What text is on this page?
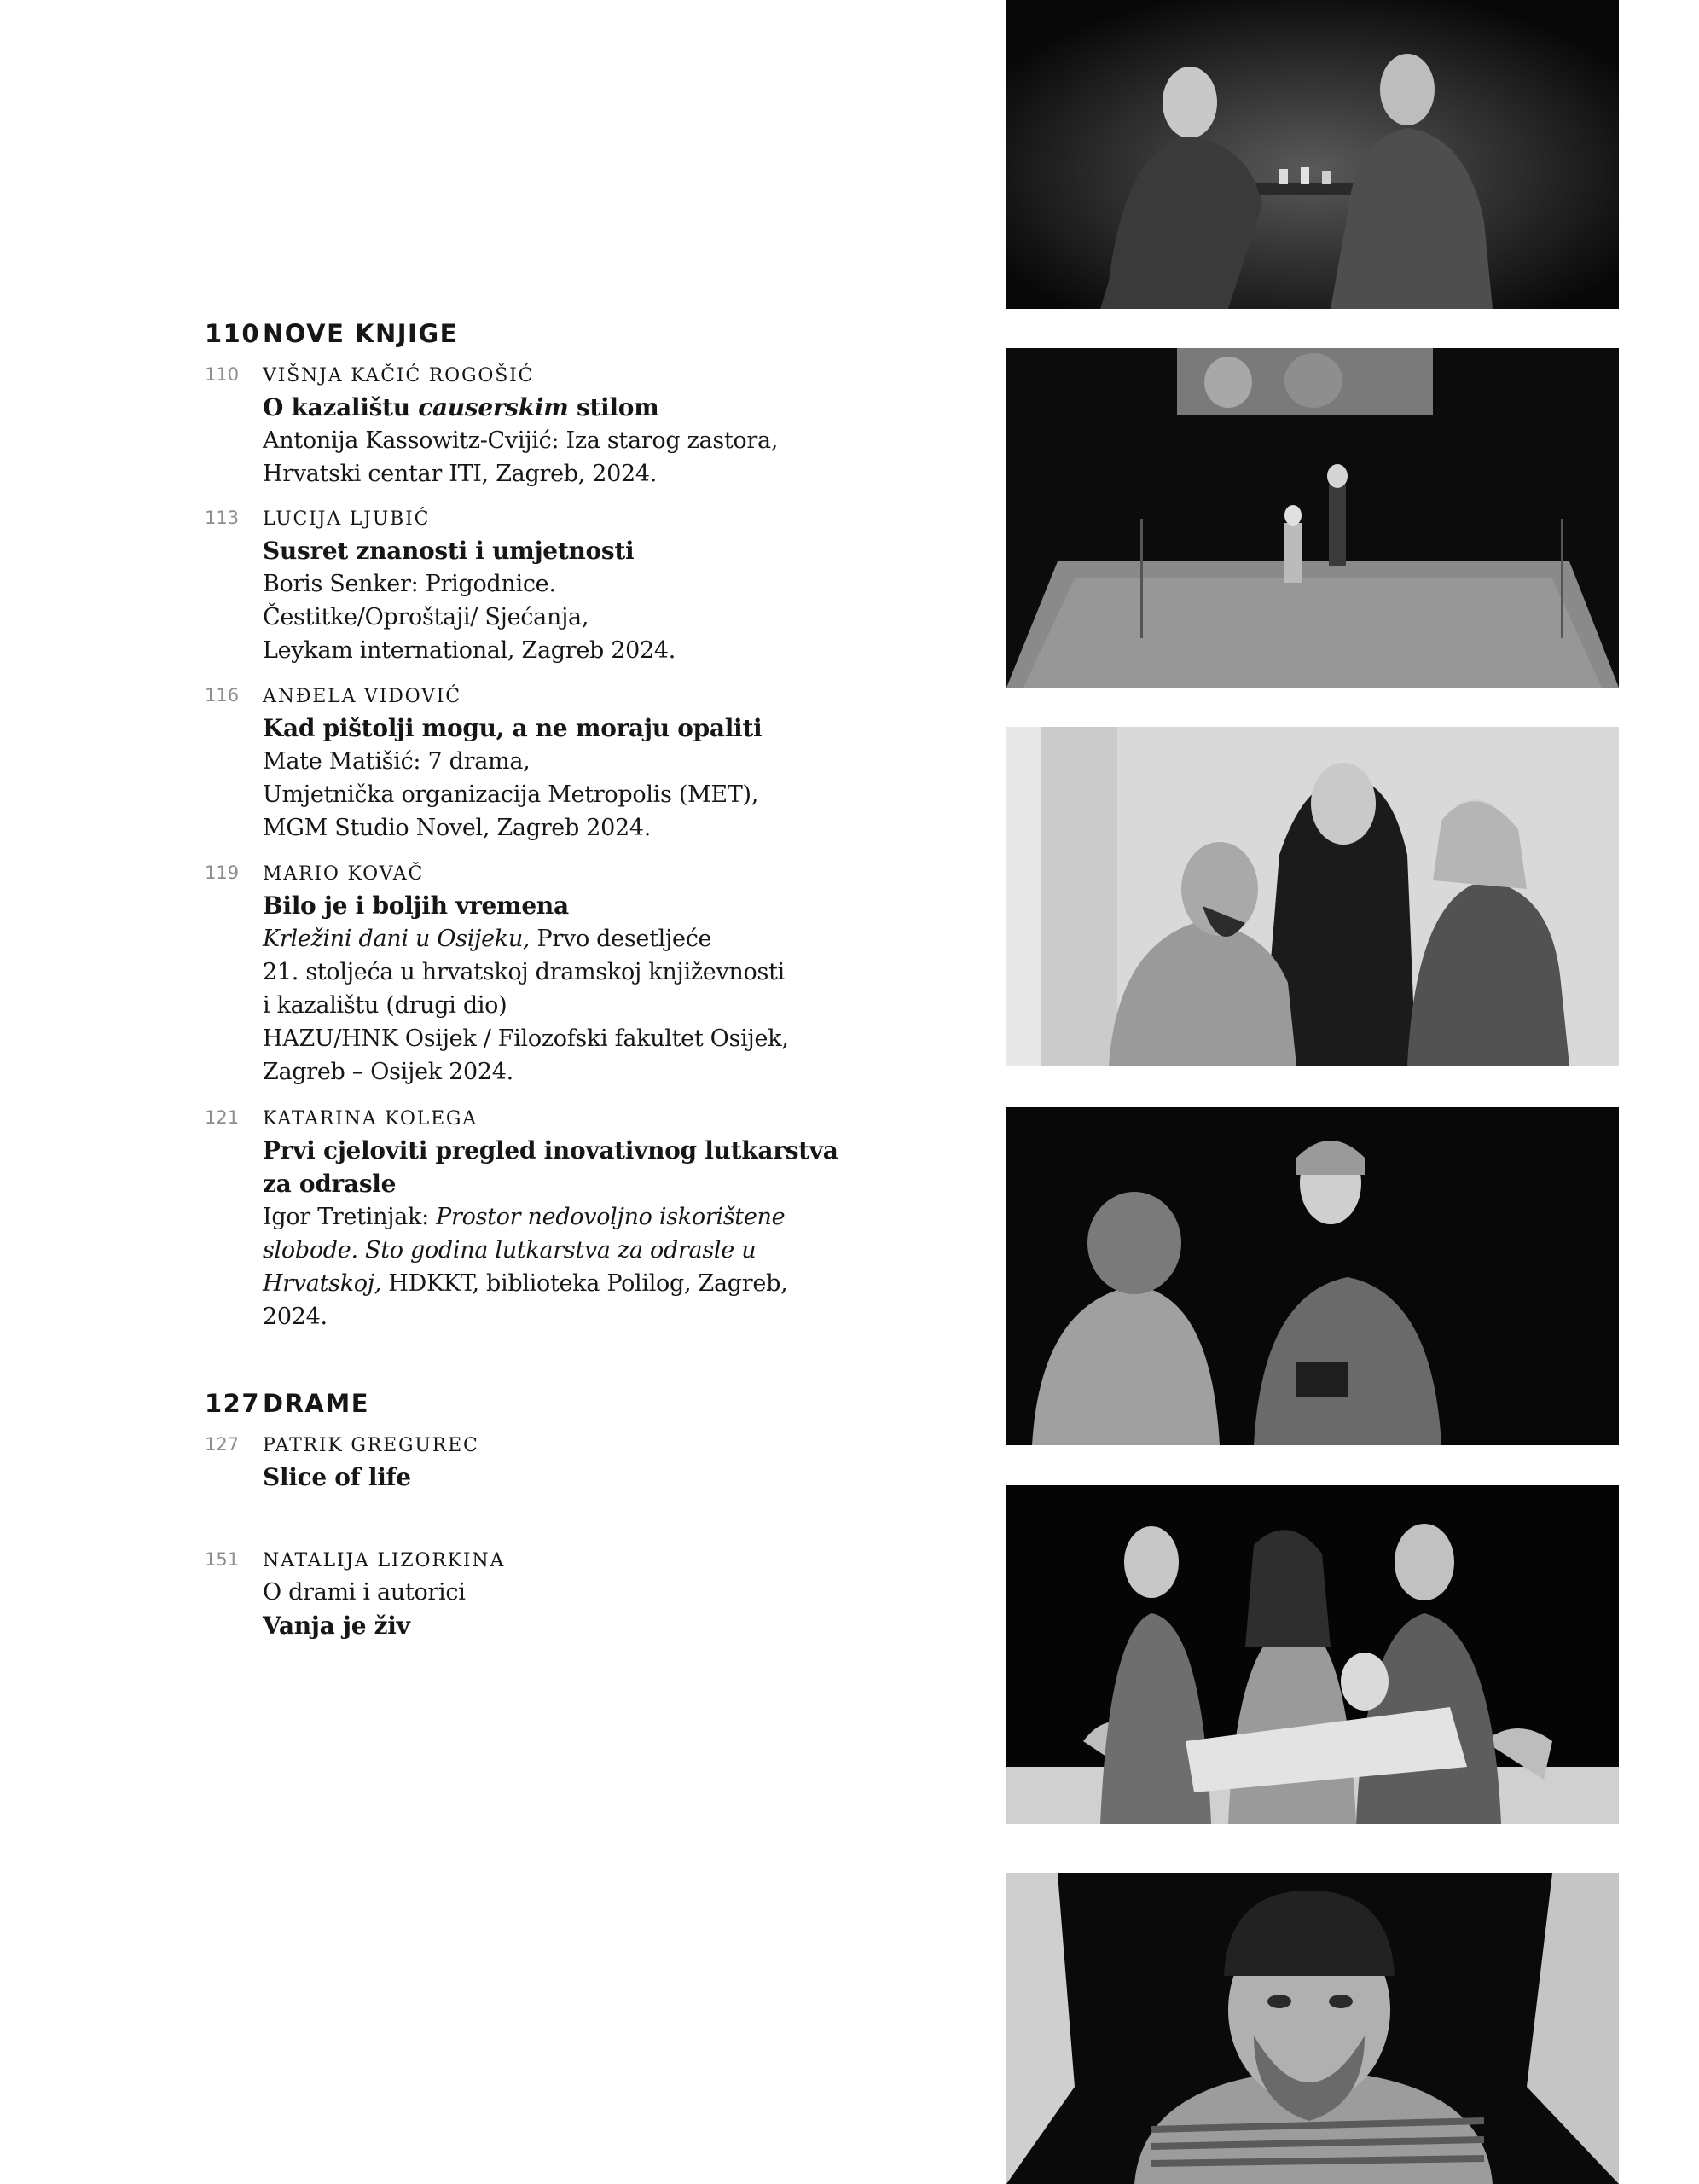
110 NOVE KNJIGE
110 VIŠNJA KAČIĆ ROGOŠIĆ
O kazalištu causerskim stilom
Antonija Kassowitz-Cvijić: Iza starog zastora,
Hrvatski centar ITI, Zagreb, 2024.
113 LUCIJA LJUBIĆ
Susret znanosti i umjetnosti
Boris Senker: Prigodnice.
Čestitke/Oproštaji/ Sjećanja,
Leykam international, Zagreb 2024.
116 ANĐELA VIDOVIĆ
Kad pištolji mogu, a ne moraju opaliti
Mate Matišić: 7 drama,
Umjetnička organizacija Metropolis (MET),
MGM Studio Novel, Zagreb 2024.
119 MARIO KOVAČ
Bilo je i boljih vremena
Krležini dani u Osijeku, Prvo desetljeće
21. stoljeća u hrvatskoj dramskoj književnosti
i kazalištu (drugi dio)
HAZU/HNK Osijek / Filozofski fakultet Osijek,
Zagreb – Osijek 2024.
121 KATARINA KOLEGA
Prvi cjeloviti pregled inovativnog lutkarstva
za odrasle
Igor Tretinjak: Prostor nedovoljno iskorištene
slobode. Sto godina lutkarstva za odrasle u
Hrvatskoj, HDKKT, biblioteka Polilog, Zagreb,
2024.
127 DRAME
127 PATRIK GREGUREC
Slice of life
151 NATALIJA LIZORKINA
O drami i autorici
Vanja je živ
